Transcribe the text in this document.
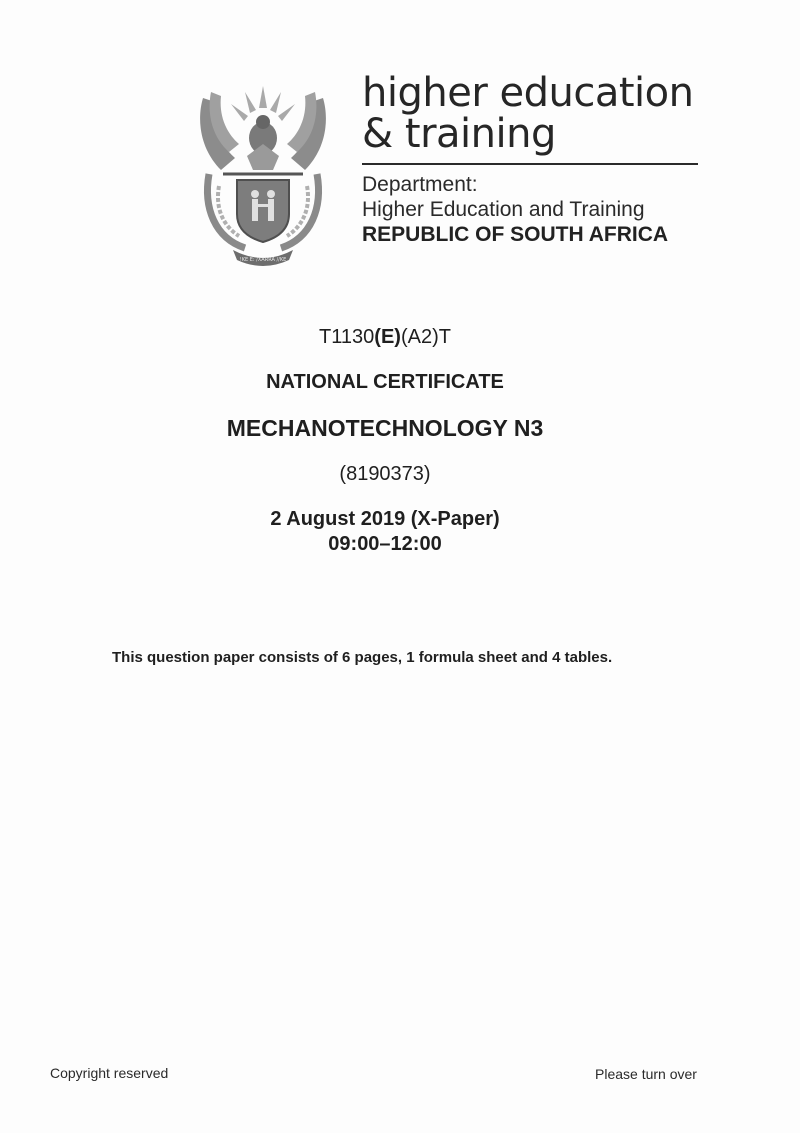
!KE E: /XARRA //KE
higher education
& training
Department:
Higher Education and Training
REPUBLIC OF SOUTH AFRICA
T1130(E)(A2)T
NATIONAL CERTIFICATE
MECHANOTECHNOLOGY N3
(8190373)
2 August 2019 (X-Paper)
09:00–12:00
This question paper consists of 6 pages, 1 formula sheet and 4 tables.
Copyright reserved	Please turn over
